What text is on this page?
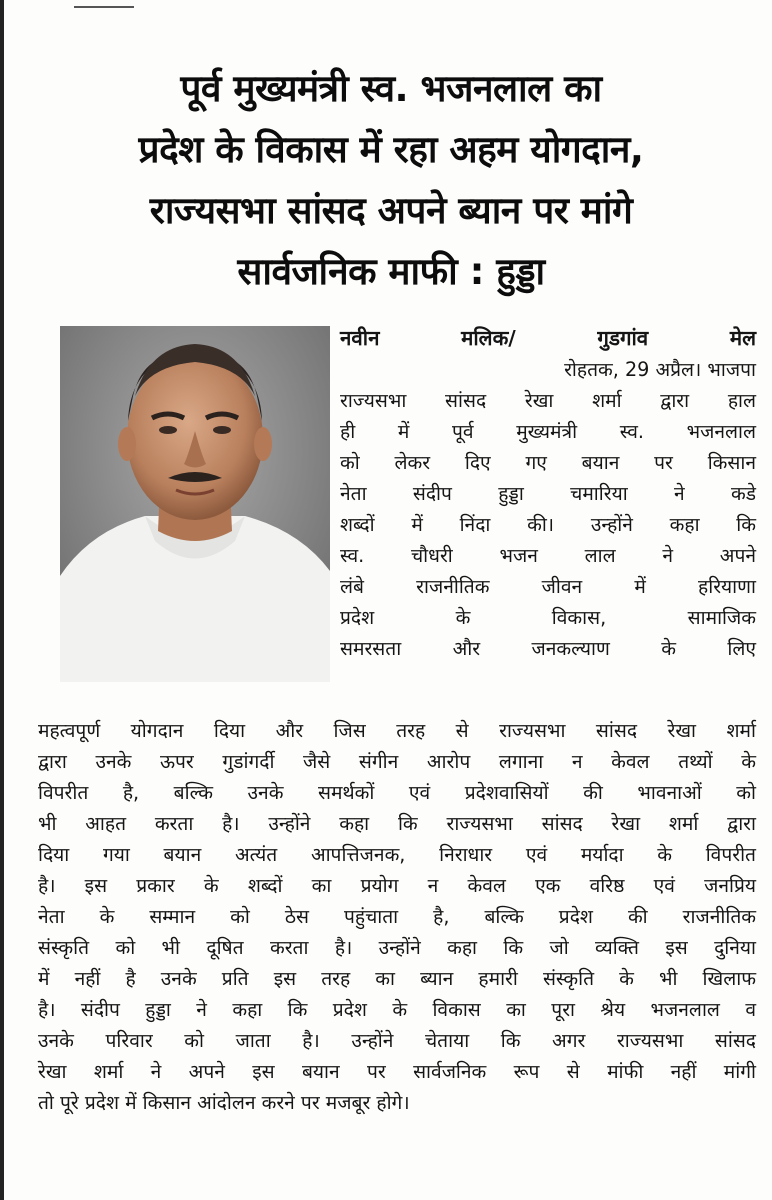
पूर्व मुख्यमंत्री स्व. भजनलाल का
प्रदेश के विकास में रहा अहम योगदान,
राज्यसभा सांसद अपने ब्यान पर मांगे
सार्वजनिक माफी : हुड्डा
नवीन मलिक/ गुडगांव मेल
रोहतक, 29 अप्रैल। भाजपा
राज्यसभा सांसद रेखा शर्मा द्वारा हाल
ही में पूर्व मुख्यमंत्री स्व. भजनलाल
को लेकर दिए गए बयान पर किसान
नेता संदीप हुड्डा चमारिया ने कडे
शब्दों में निंदा की। उन्होंने कहा कि
स्व. चौधरी भजन लाल ने अपने
लंबे राजनीतिक जीवन में हरियाणा
प्रदेश के विकास, सामाजिक
समरसता और जनकल्याण के लिए
महत्वपूर्ण योगदान दिया और जिस तरह से राज्यसभा सांसद रेखा शर्मा
द्वारा उनके ऊपर गुडांगर्दी जैसे संगीन आरोप लगाना न केवल तथ्यों के
विपरीत है, बल्कि उनके समर्थकों एवं प्रदेशवासियों की भावनाओं को
भी आहत करता है। उन्होंने कहा कि राज्यसभा सांसद रेखा शर्मा द्वारा
दिया गया बयान अत्यंत आपत्तिजनक, निराधार एवं मर्यादा के विपरीत
है। इस प्रकार के शब्दों का प्रयोग न केवल एक वरिष्ठ एवं जनप्रिय
नेता के सम्मान को ठेस पहुंचाता है, बल्कि प्रदेश की राजनीतिक
संस्कृति को भी दूषित करता है। उन्होंने कहा कि जो व्यक्ति इस दुनिया
में नहीं है उनके प्रति इस तरह का ब्यान हमारी संस्कृति के भी खिलाफ
है। संदीप हुड्डा ने कहा कि प्रदेश के विकास का पूरा श्रेय भजनलाल व
उनके परिवार को जाता है। उन्होंने चेताया कि अगर राज्यसभा सांसद
रेखा शर्मा ने अपने इस बयान पर सार्वजनिक रूप से मांफी नहीं मांगी
तो पूरे प्रदेश में किसान आंदोलन करने पर मजबूर होगे।
